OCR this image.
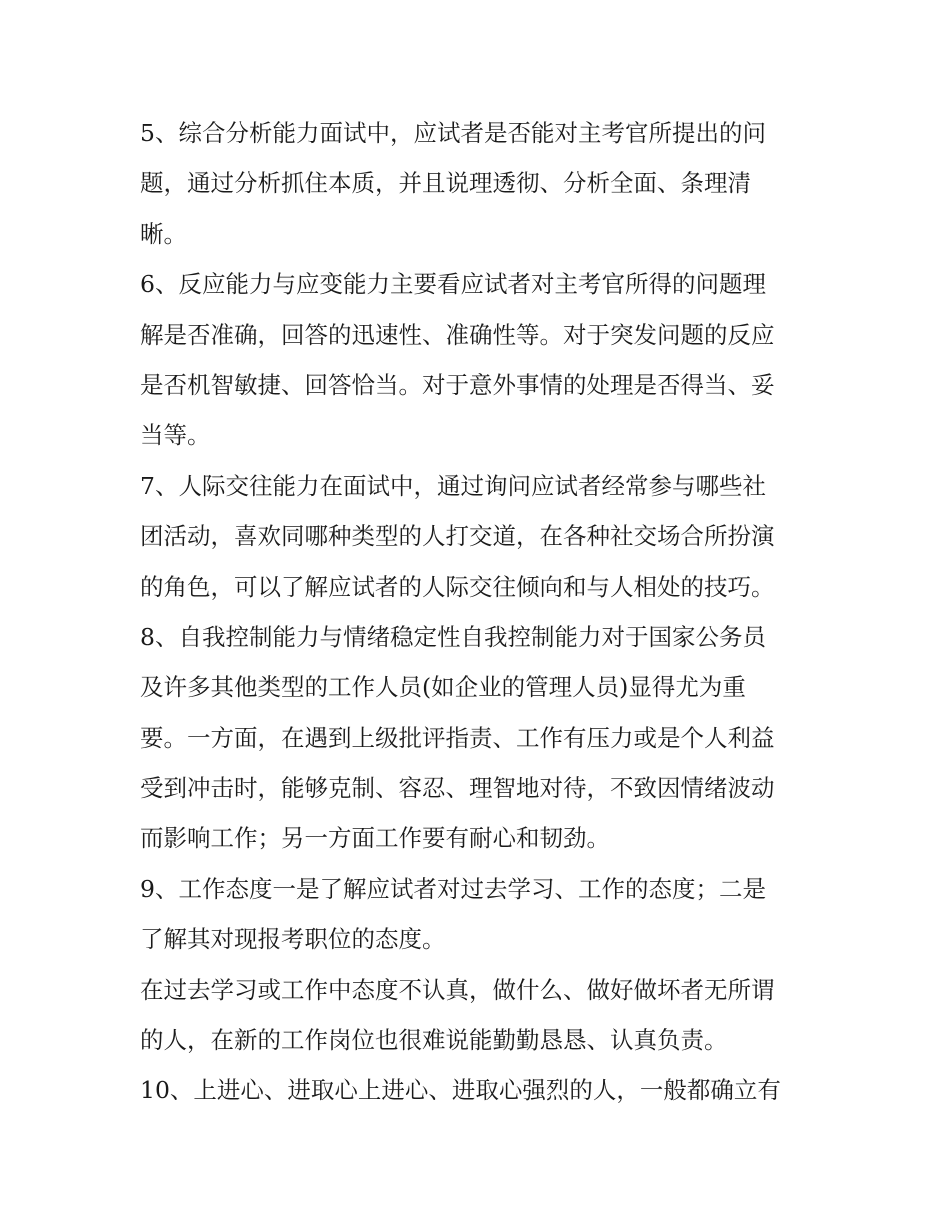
5、综合分析能力面试中，应试者是否能对主考官所提出的问
题，通过分析抓住本质，并且说理透彻、分析全面、条理清
晰。
6、反应能力与应变能力主要看应试者对主考官所得的问题理
解是否准确，回答的迅速性、准确性等。对于突发问题的反应
是否机智敏捷、回答恰当。对于意外事情的处理是否得当、妥
当等。
7、人际交往能力在面试中，通过询问应试者经常参与哪些社
团活动，喜欢同哪种类型的人打交道，在各种社交场合所扮演
的角色，可以了解应试者的人际交往倾向和与人相处的技巧。
8、自我控制能力与情绪稳定性自我控制能力对于国家公务员
及许多其他类型的工作人员(如企业的管理人员)显得尤为重
要。一方面，在遇到上级批评指责、工作有压力或是个人利益
受到冲击时，能够克制、容忍、理智地对待，不致因情绪波动
而影响工作；另一方面工作要有耐心和韧劲。
9、工作态度一是了解应试者对过去学习、工作的态度；二是
了解其对现报考职位的态度。
在过去学习或工作中态度不认真，做什么、做好做坏者无所谓
的人，在新的工作岗位也很难说能勤勤恳恳、认真负责。
10、上进心、进取心上进心、进取心强烈的人，一般都确立有
